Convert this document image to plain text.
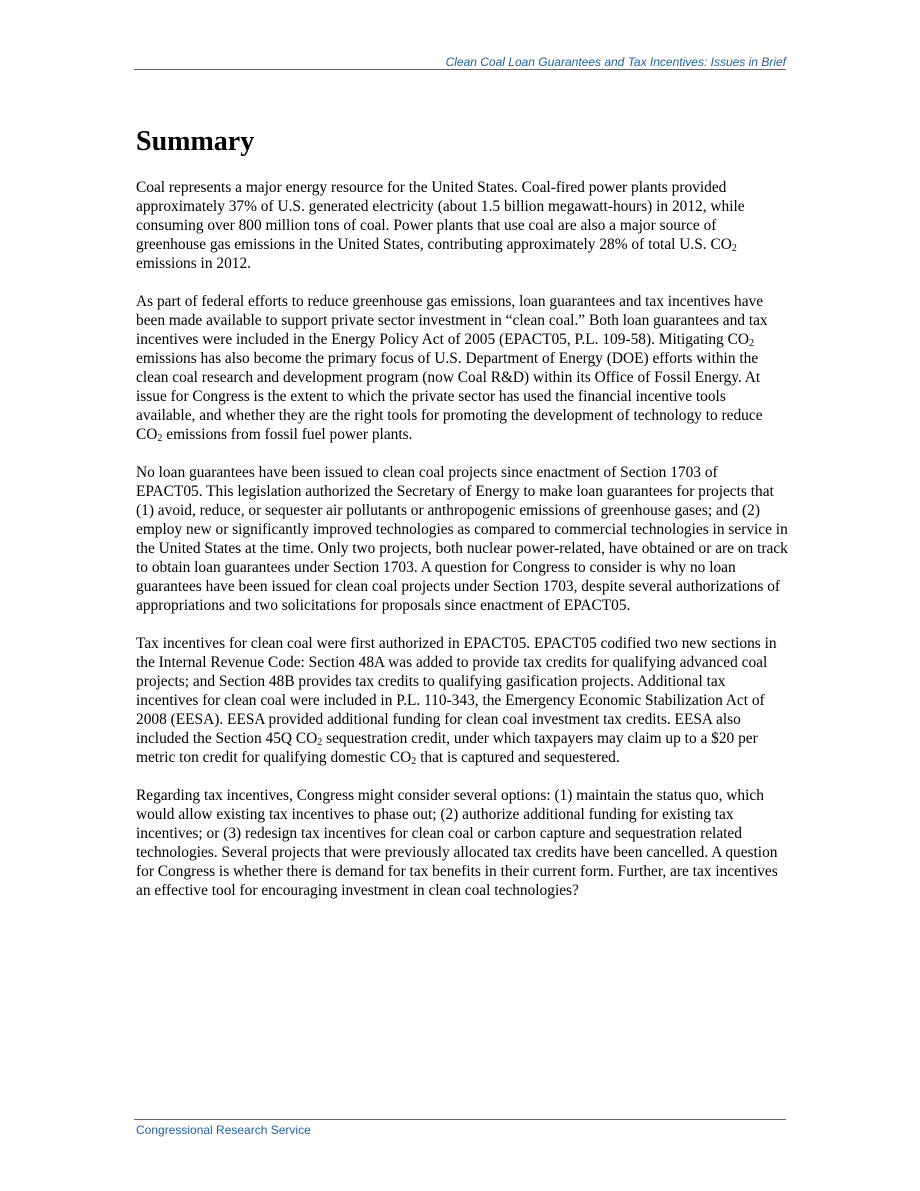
Clean Coal Loan Guarantees and Tax Incentives: Issues in Brief
Summary

Coal represents a major energy resource for the United States. Coal-fired power plants provided approximately 37% of U.S. generated electricity (about 1.5 billion megawatt-hours) in 2012, while consuming over 800 million tons of coal. Power plants that use coal are also a major source of greenhouse gas emissions in the United States, contributing approximately 28% of total U.S. $CO_2$ emissions in 2012.

As part of federal efforts to reduce greenhouse gas emissions, loan guarantees and tax incentives have been made available to support private sector investment in “clean coal.” Both loan guarantees and tax incentives were included in the Energy Policy Act of 2005 (EPACT05, P.L. 109-58). Mitigating $CO_2$ emissions has also become the primary focus of U.S. Department of Energy (DOE) efforts within the clean coal research and development program (now Coal R&D) within its Office of Fossil Energy. At issue for Congress is the extent to which the private sector has used the financial incentive tools available, and whether they are the right tools for promoting the development of technology to reduce $CO_2$ emissions from fossil fuel power plants.

No loan guarantees have been issued to clean coal projects since enactment of Section 1703 of EPACT05. This legislation authorized the Secretary of Energy to make loan guarantees for projects that (1) avoid, reduce, or sequester air pollutants or anthropogenic emissions of greenhouse gases; and (2) employ new or significantly improved technologies as compared to commercial technologies in service in the United States at the time. Only two projects, both nuclear power-related, have obtained or are on track to obtain loan guarantees under Section 1703. A question for Congress to consider is why no loan guarantees have been issued for clean coal projects under Section 1703, despite several authorizations of appropriations and two solicitations for proposals since enactment of EPACT05.

Tax incentives for clean coal were first authorized in EPACT05. EPACT05 codified two new sections in the Internal Revenue Code: Section 48A was added to provide tax credits for qualifying advanced coal projects; and Section 48B provides tax credits to qualifying gasification projects. Additional tax incentives for clean coal were included in P.L. 110-343, the Emergency Economic Stabilization Act of 2008 (EESA). EESA provided additional funding for clean coal investment tax credits. EESA also included the Section 45Q $CO_2$ sequestration credit, under which taxpayers may claim up to a $20 per metric ton credit for qualifying domestic $CO_2$ that is captured and sequestered.

Regarding tax incentives, Congress might consider several options: (1) maintain the status quo, which would allow existing tax incentives to phase out; (2) authorize additional funding for existing tax incentives; or (3) redesign tax incentives for clean coal or carbon capture and sequestration related technologies. Several projects that were previously allocated tax credits have been cancelled. A question for Congress is whether there is demand for tax benefits in their current form. Further, are tax incentives an effective tool for encouraging investment in clean coal technologies?

Congressional Research Service
